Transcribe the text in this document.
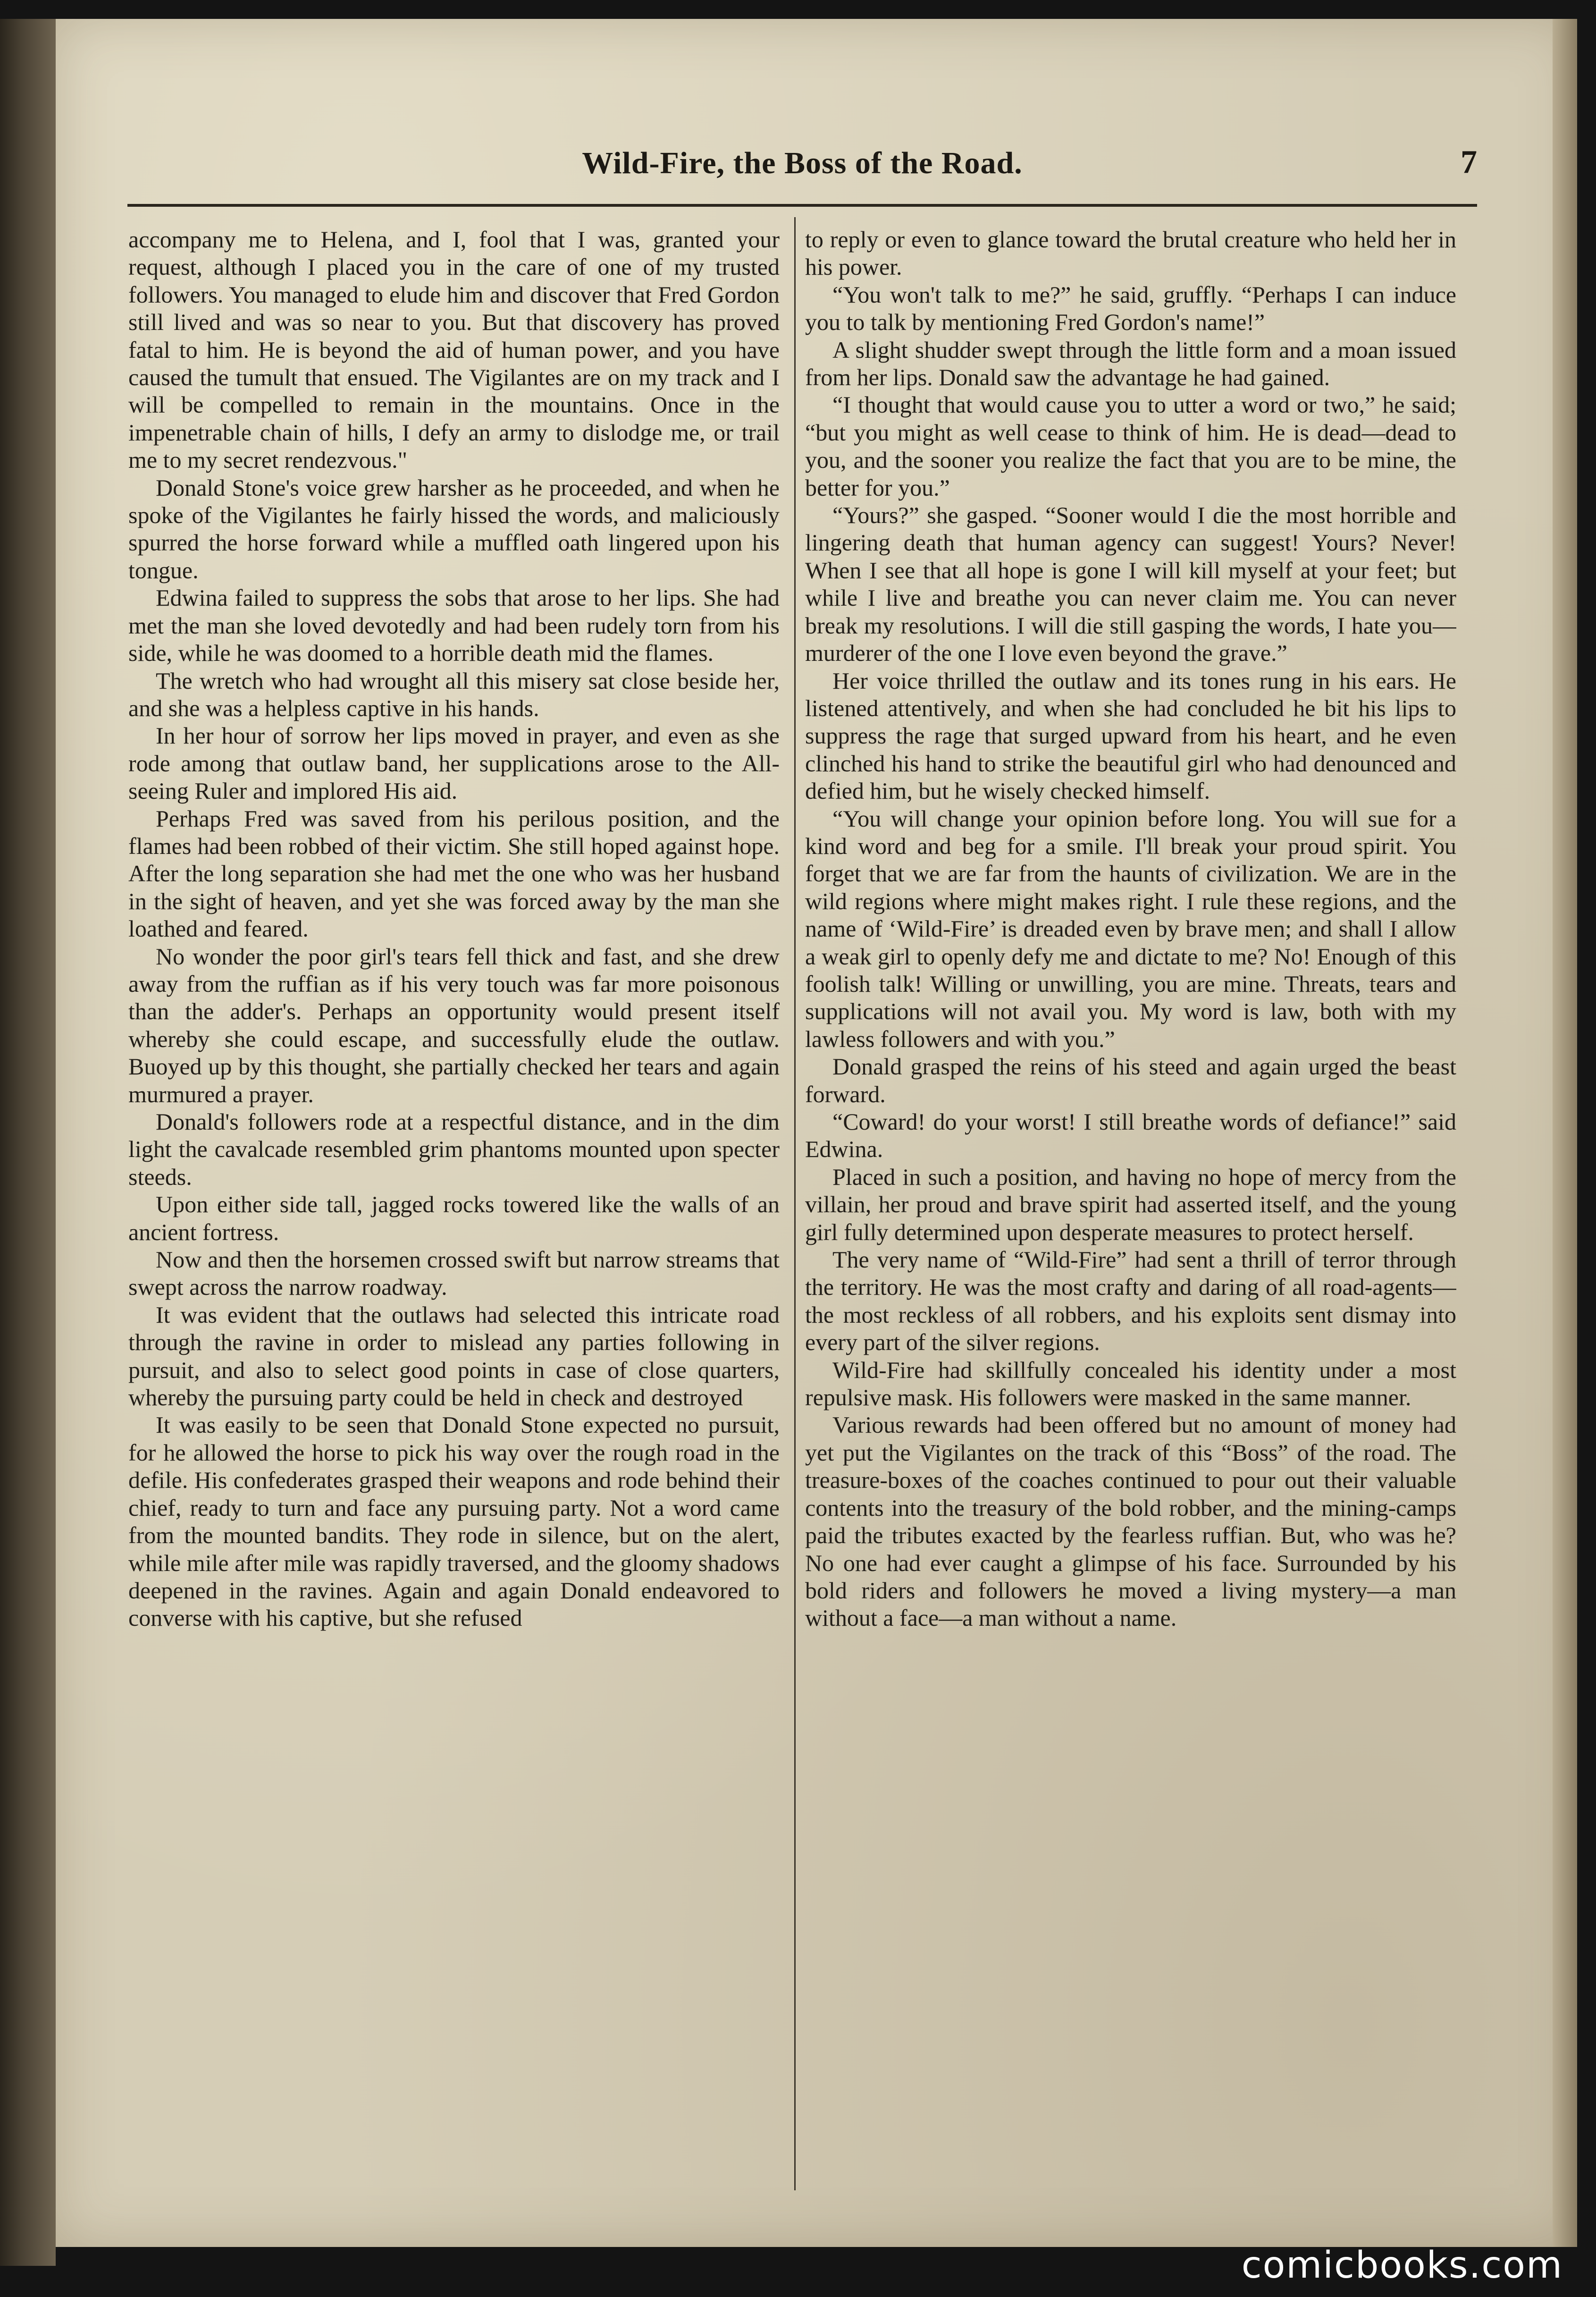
Wild-Fire, the Boss of the Road.	7

accompany me to Helena, and I, fool that I was, granted your request, although I placed you in the care of one of my trusted followers. You managed to elude him and discover that Fred Gordon still lived and was so near to you. But that discovery has proved fatal to him. He is beyond the aid of human power, and you have caused the tumult that ensued. The Vigilantes are on my track and I will be compelled to remain in the mountains. Once in the impenetrable chain of hills, I defy an army to dislodge me, or trail me to my secret rendezvous."

Donald Stone's voice grew harsher as he proceeded, and when he spoke of the Vigilantes he fairly hissed the words, and maliciously spurred the horse forward while a muffled oath lingered upon his tongue.

Edwina failed to suppress the sobs that arose to her lips. She had met the man she loved devotedly and had been rudely torn from his side, while he was doomed to a horrible death mid the flames.

The wretch who had wrought all this misery sat close beside her, and she was a helpless captive in his hands.

In her hour of sorrow her lips moved in prayer, and even as she rode among that outlaw band, her supplications arose to the All-seeing Ruler and implored His aid.

Perhaps Fred was saved from his perilous position, and the flames had been robbed of their victim. She still hoped against hope. After the long separation she had met the one who was her husband in the sight of heaven, and yet she was forced away by the man she loathed and feared.

No wonder the poor girl's tears fell thick and fast, and she drew away from the ruffian as if his very touch was far more poisonous than the adder's. Perhaps an opportunity would present itself whereby she could escape, and successfully elude the outlaw. Buoyed up by this thought, she partially checked her tears and again murmured a prayer.

Donald's followers rode at a respectful distance, and in the dim light the cavalcade resembled grim phantoms mounted upon specter steeds.

Upon either side tall, jagged rocks towered like the walls of an ancient fortress.

Now and then the horsemen crossed swift but narrow streams that swept across the narrow roadway.

It was evident that the outlaws had selected this intricate road through the ravine in order to mislead any parties following in pursuit, and also to select good points in case of close quarters, whereby the pursuing party could be held in check and destroyed

It was easily to be seen that Donald Stone expected no pursuit, for he allowed the horse to pick his way over the rough road in the defile. His confederates grasped their weapons and rode behind their chief, ready to turn and face any pursuing party. Not a word came from the mounted bandits. They rode in silence, but on the alert, while mile after mile was rapidly traversed, and the gloomy shadows deepened in the ravines. Again and again Donald endeavored to converse with his captive, but she refused

to reply or even to glance toward the brutal creature who held her in his power.

“You won't talk to me?” he said, gruffly. “Perhaps I can induce you to talk by mentioning Fred Gordon's name!”

A slight shudder swept through the little form and a moan issued from her lips. Donald saw the advantage he had gained.

“I thought that would cause you to utter a word or two,” he said; “but you might as well cease to think of him. He is dead—dead to you, and the sooner you realize the fact that you are to be mine, the better for you.”

“Yours?” she gasped. “Sooner would I die the most horrible and lingering death that human agency can suggest! Yours? Never! When I see that all hope is gone I will kill myself at your feet; but while I live and breathe you can never claim me. You can never break my resolutions. I will die still gasping the words, I hate you—murderer of the one I love even beyond the grave.”

Her voice thrilled the outlaw and its tones rung in his ears. He listened attentively, and when she had concluded he bit his lips to suppress the rage that surged upward from his heart, and he even clinched his hand to strike the beautiful girl who had denounced and defied him, but he wisely checked himself.

“You will change your opinion before long. You will sue for a kind word and beg for a smile. I'll break your proud spirit. You forget that we are far from the haunts of civilization. We are in the wild regions where might makes right. I rule these regions, and the name of ‘Wild-Fire’ is dreaded even by brave men; and shall I allow a weak girl to openly defy me and dictate to me? No! Enough of this foolish talk! Willing or unwilling, you are mine. Threats, tears and supplications will not avail you. My word is law, both with my lawless followers and with you.”

Donald grasped the reins of his steed and again urged the beast forward.

“Coward! do your worst! I still breathe words of defiance!” said Edwina.

Placed in such a position, and having no hope of mercy from the villain, her proud and brave spirit had asserted itself, and the young girl fully determined upon desperate measures to protect herself.

The very name of “Wild-Fire” had sent a thrill of terror through the territory. He was the most crafty and daring of all road-agents—the most reckless of all robbers, and his exploits sent dismay into every part of the silver regions.

Wild-Fire had skillfully concealed his identity under a most repulsive mask. His followers were masked in the same manner.

Various rewards had been offered but no amount of money had yet put the Vigilantes on the track of this “Boss” of the road. The treasure-boxes of the coaches continued to pour out their valuable contents into the treasury of the bold robber, and the mining-camps paid the tributes exacted by the fearless ruffian. But, who was he? No one had ever caught a glimpse of his face. Surrounded by his bold riders and followers he moved a living mystery—a man without a face—a man without a name.

comicbooks.com
